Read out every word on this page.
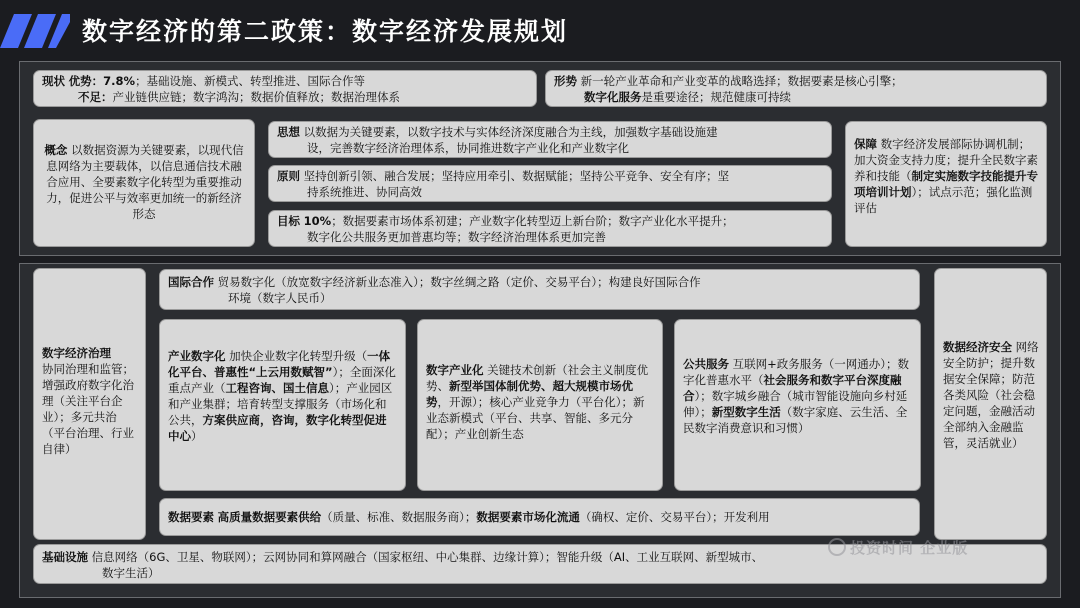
数字经济的第二政策：数字经济发展规划
现状 优势：7.8%；基础设施、新模式、转型推进、国际合作等
不足：产业链供应链；数字鸿沟；数据价值释放；数据治理体系
形势 新一轮产业革命和产业变革的战略选择；数据要素是核心引擎；
数字化服务是重要途径；规范健康可持续
概念 以数据资源为关键要素，以现代信息网络为主要载体，以信息通信技术融合应用、全要素数字化转型为重要推动力，促进公平与效率更加统一的新经济形态
思想 以数据为关键要素，以数字技术与实体经济深度融合为主线，加强数字基础设施建
设，完善数字经济治理体系，协同推进数字产业化和产业数字化
原则 坚持创新引领、融合发展；坚持应用牵引、数据赋能；坚持公平竞争、安全有序；坚
持系统推进、协同高效
目标 10%；数据要素市场体系初建；产业数字化转型迈上新台阶；数字产业化水平提升；
数字化公共服务更加普惠均等；数字经济治理体系更加完善
保障 数字经济发展部际协调机制；加大资金支持力度；提升全民数字素养和技能（制定实施数字技能提升专项培训计划）；试点示范；强化监测评估
数字经济治理
协同治理和监管；增强政府数字化治理（关注平台企业）；多元共治（平台治理、行业自律）
国际合作 贸易数字化（放宽数字经济新业态准入）；数字丝绸之路（定价、交易平台）；构建良好国际合作
环境（数字人民币）
产业数字化 加快企业数字化转型升级（一体化平台、普惠性“上云用数赋智”）；全面深化重点产业（工程咨询、国土信息）；产业园区和产业集群；培育转型支撑服务（市场化和公共，方案供应商，咨询，数字化转型促进中心）
数字产业化 关键技术创新（社会主义制度优势、新型举国体制优势、超大规模市场优势，开源）；核心产业竞争力（平台化）；新业态新模式（平台、共享、智能、多元分配）；产业创新生态
公共服务 互联网+政务服务（一网通办）；数字化普惠水平（社会服务和数字平台深度融合）；数字城乡融合（城市智能设施向乡村延伸）；新型数字生活（数字家庭、云生活、全民数字消费意识和习惯）
数据经济安全 网络安全防护；提升数据安全保障；防范各类风险（社会稳定问题，金融活动全部纳入金融监管，灵活就业）
数据要素 高质量数据要素供给（质量、标准、数据服务商）；数据要素市场化流通（确权、定价、交易平台）；开发利用
基础设施 信息网络（6G、卫星、物联网）；云网协同和算网融合（国家枢纽、中心集群、边缘计算）；智能升级（AI、工业互联网、新型城市、
数字生活）
投资时间 企业版
